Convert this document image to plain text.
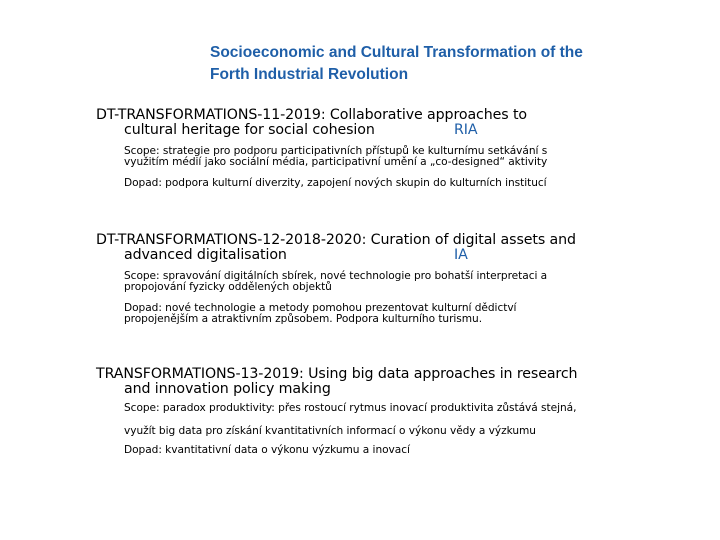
Socioeconomic and Cultural Transformation of the
Forth Industrial Revolution

DT-TRANSFORMATIONS-11-2019: Collaborative approaches to
cultural heritage for social cohesion	RIA

Scope: strategie pro podporu participativních přístupů ke kulturnímu setkávání s
využitím médií jako sociální média, participativní umění a „co-designed“ aktivity

Dopad: podpora kulturní diverzity, zapojení nových skupin do kulturních institucí

DT-TRANSFORMATIONS-12-2018-2020: Curation of digital assets and
advanced digitalisation	IA

Scope: spravování digitálních sbírek, nové technologie pro bohatší interpretaci a
propojování fyzicky oddělených objektů

Dopad: nové technologie a metody pomohou prezentovat kulturní dědictví
propojenějším a atraktivním způsobem. Podpora kulturního turismu.

TRANSFORMATIONS-13-2019: Using big data approaches in research
and innovation policy making

Scope: paradox produktivity: přes rostoucí rytmus inovací produktivita zůstává stejná,

využít big data pro získání kvantitativních informací o výkonu vědy a výzkumu

Dopad: kvantitativní data o výkonu výzkumu a inovací
